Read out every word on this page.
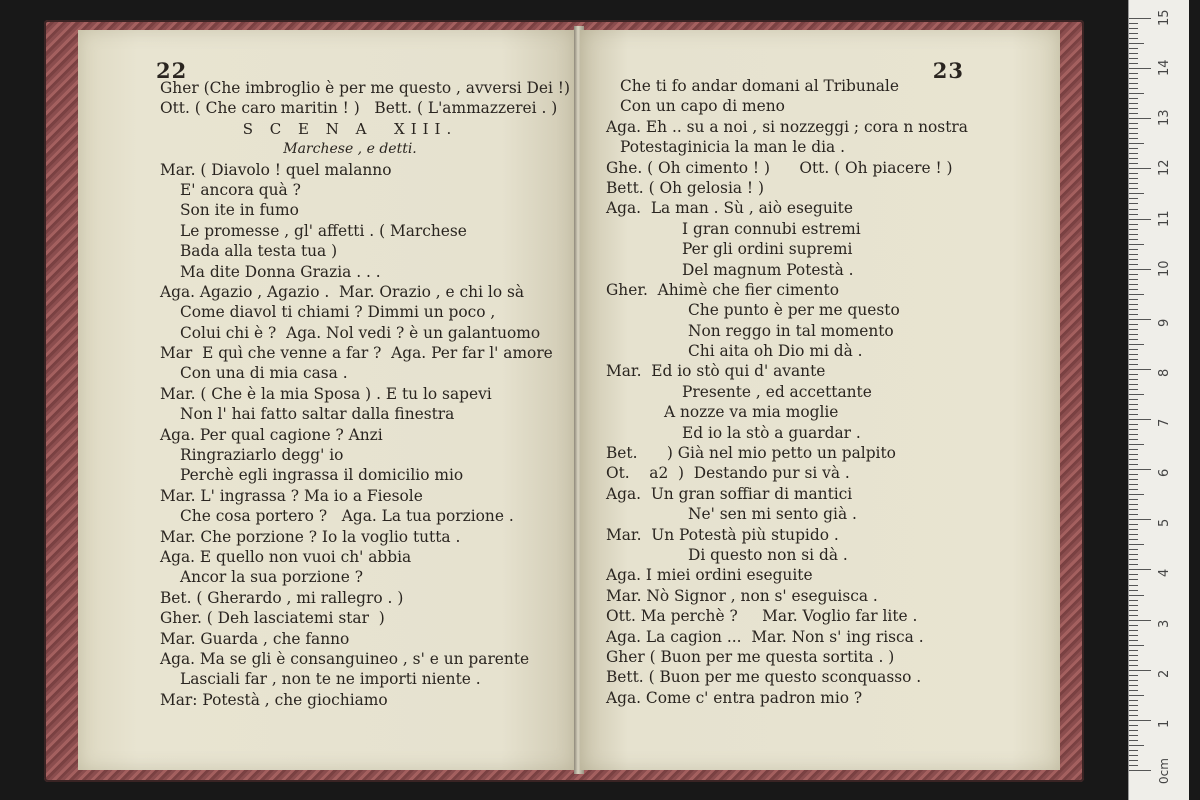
22
Gher (Che imbroglio è per me questo , avversi Dei !)
Ott. ( Che caro maritin ! )   Bett. ( L'ammazzerei . )
S C E N A  XIII.
Marchese , e detti.
Mar. ( Diavolo ! quel malanno
E' ancora quà ?
Son ite in fumo
Le promesse , gl' affetti . ( Marchese
Bada alla testa tua )
Ma dite Donna Grazia . . .
Aga. Agazio , Agazio .  Mar. Orazio , e chi lo sà
Come diavol ti chiami ? Dimmi un poco ,
Colui chi è ?  Aga. Nol vedi ? è un galantuomo
Mar  E quì che venne a far ?  Aga. Per far l' amore
Con una di mia casa .
Mar. ( Che è la mia Sposa ) . E tu lo sapevi
Non l' hai fatto saltar dalla finestra
Aga. Per qual cagione ? Anzi
Ringraziarlo degg' io
Perchè egli ingrassa il domicilio mio
Mar. L' ingrassa ? Ma io a Fiesole
Che cosa portero ?   Aga. La tua porzione .
Mar. Che porzione ? Io la voglio tutta .
Aga. E quello non vuoi ch' abbia
Ancor la sua porzione ?
Bet. ( Gherardo , mi rallegro . )
Gher. ( Deh lasciatemi star  )
Mar. Guarda , che fanno
Aga. Ma se gli è consanguineo , s' e un parente
Lasciali far , non te ne importi niente .
Mar: Potestà , che giochiamo
23
Che ti fo andar domani al Tribunale
Con un capo di meno
Aga. Eh .. su a noi , si nozzeggi ; cora n nostra
Potestaginicia la man le dia .
Ghe. ( Oh cimento ! )      Ott. ( Oh piacere ! )
Bett. ( Oh gelosia ! )
Aga.  La man . Sù , aiò eseguite
I gran connubi estremi
Per gli ordini supremi
Del magnum Potestà .
Gher.  Ahimè che fier cimento
Che punto è per me questo
Non reggo in tal momento
Chi aita oh Dio mi dà .
Mar.  Ed io stò qui d' avante
Presente , ed accettante
A nozze va mia moglie
Ed io la stò a guardar .
Bet.      ) Già nel mio petto un palpito
Ot.    a2  )  Destando pur si và .
Aga.  Un gran soffiar di mantici
Ne' sen mi sento già .
Mar.  Un Potestà più stupido .
Di questo non si dà .
Aga. I miei ordini eseguite
Mar. Nò Signor , non s' eseguisca .
Ott. Ma perchè ?     Mar. Voglio far lite .
Aga. La cagion ...  Mar. Non s' ing risca .
Gher ( Buon per me questa sortita . )
Bett. ( Buon per me questo sconquasso .
Aga. Come c' entra padron mio ?
0cm
1
2
3
4
5
6
7
8
9
10
11
12
13
14
15
